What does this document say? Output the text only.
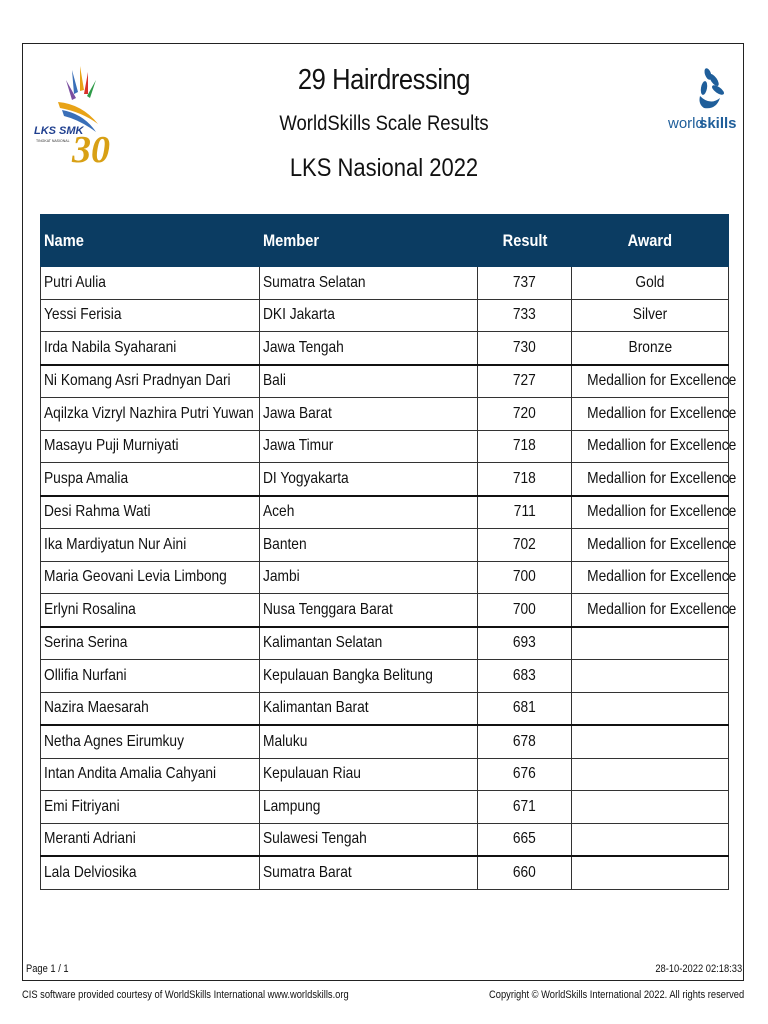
LKS SMK
TINGKAT NASIONAL 30
world
skills
29 Hairdressing
WorldSkills Scale Results
LKS Nasional 2022
Name	Member	Result	Award
Putri Aulia	Sumatra Selatan	737	Gold
Yessi Ferisia	DKI Jakarta	733	Silver
Irda Nabila Syaharani	Jawa Tengah	730	Bronze
Ni Komang Asri Pradnyan Dari	Bali	727	Medallion for Excellence
Aqilzka Vizryl Nazhira Putri Yuwan	Jawa Barat	720	Medallion for Excellence
Masayu Puji Murniyati	Jawa Timur	718	Medallion for Excellence
Puspa Amalia	DI Yogyakarta	718	Medallion for Excellence
Desi Rahma Wati	Aceh	711	Medallion for Excellence
Ika Mardiyatun Nur Aini	Banten	702	Medallion for Excellence
Maria Geovani Levia Limbong	Jambi	700	Medallion for Excellence
Erlyni Rosalina	Nusa Tenggara Barat	700	Medallion for Excellence
Serina Serina	Kalimantan Selatan	693	
Ollifia Nurfani	Kepulauan Bangka Belitung	683	
Nazira Maesarah	Kalimantan Barat	681	
Netha Agnes Eirumkuy	Maluku	678	
Intan Andita Amalia Cahyani	Kepulauan Riau	676	
Emi Fitriyani	Lampung	671	
Meranti Adriani	Sulawesi Tengah	665	
Lala Delviosika	Sumatra Barat	660	
Page 1 / 1	28-10-2022 02:18:33
CIS software provided courtesy of WorldSkills International www.worldskills.org	Copyright © WorldSkills International 2022. All rights reserved
